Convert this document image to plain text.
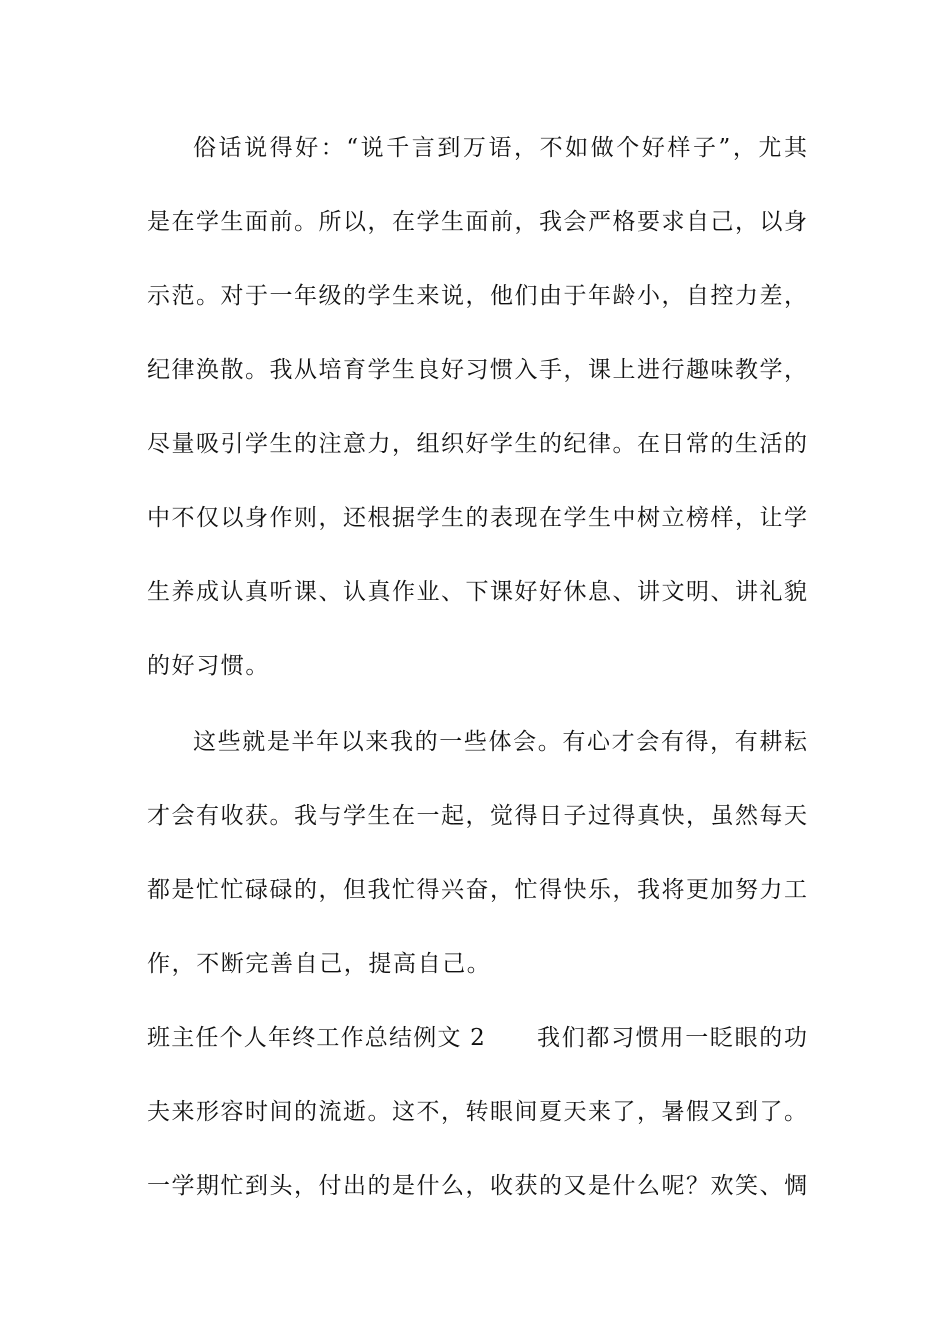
俗话说得好：“说千言到万语，不如做个好样子”，尤其
是在学生面前。所以，在学生面前，我会严格要求自己，以身
示范。对于一年级的学生来说，他们由于年龄小，自控力差，
纪律涣散。我从培育学生良好习惯入手，课上进行趣味教学，
尽量吸引学生的注意力，组织好学生的纪律。在日常的生活的
中不仅以身作则，还根据学生的表现在学生中树立榜样，让学
生养成认真听课、认真作业、下课好好休息、讲文明、讲礼貌
的好习惯。
这些就是半年以来我的一些体会。有心才会有得，有耕耘
才会有收获。我与学生在一起，觉得日子过得真快，虽然每天
都是忙忙碌碌的，但我忙得兴奋，忙得快乐，我将更加努力工
作，不断完善自己，提高自己。
班主任个人年终工作总结例文 2 我们都习惯用一眨眼的功
夫来形容时间的流逝。这不，转眼间夏天来了，暑假又到了。
一学期忙到头，付出的是什么，收获的又是什么呢？欢笑、惆
